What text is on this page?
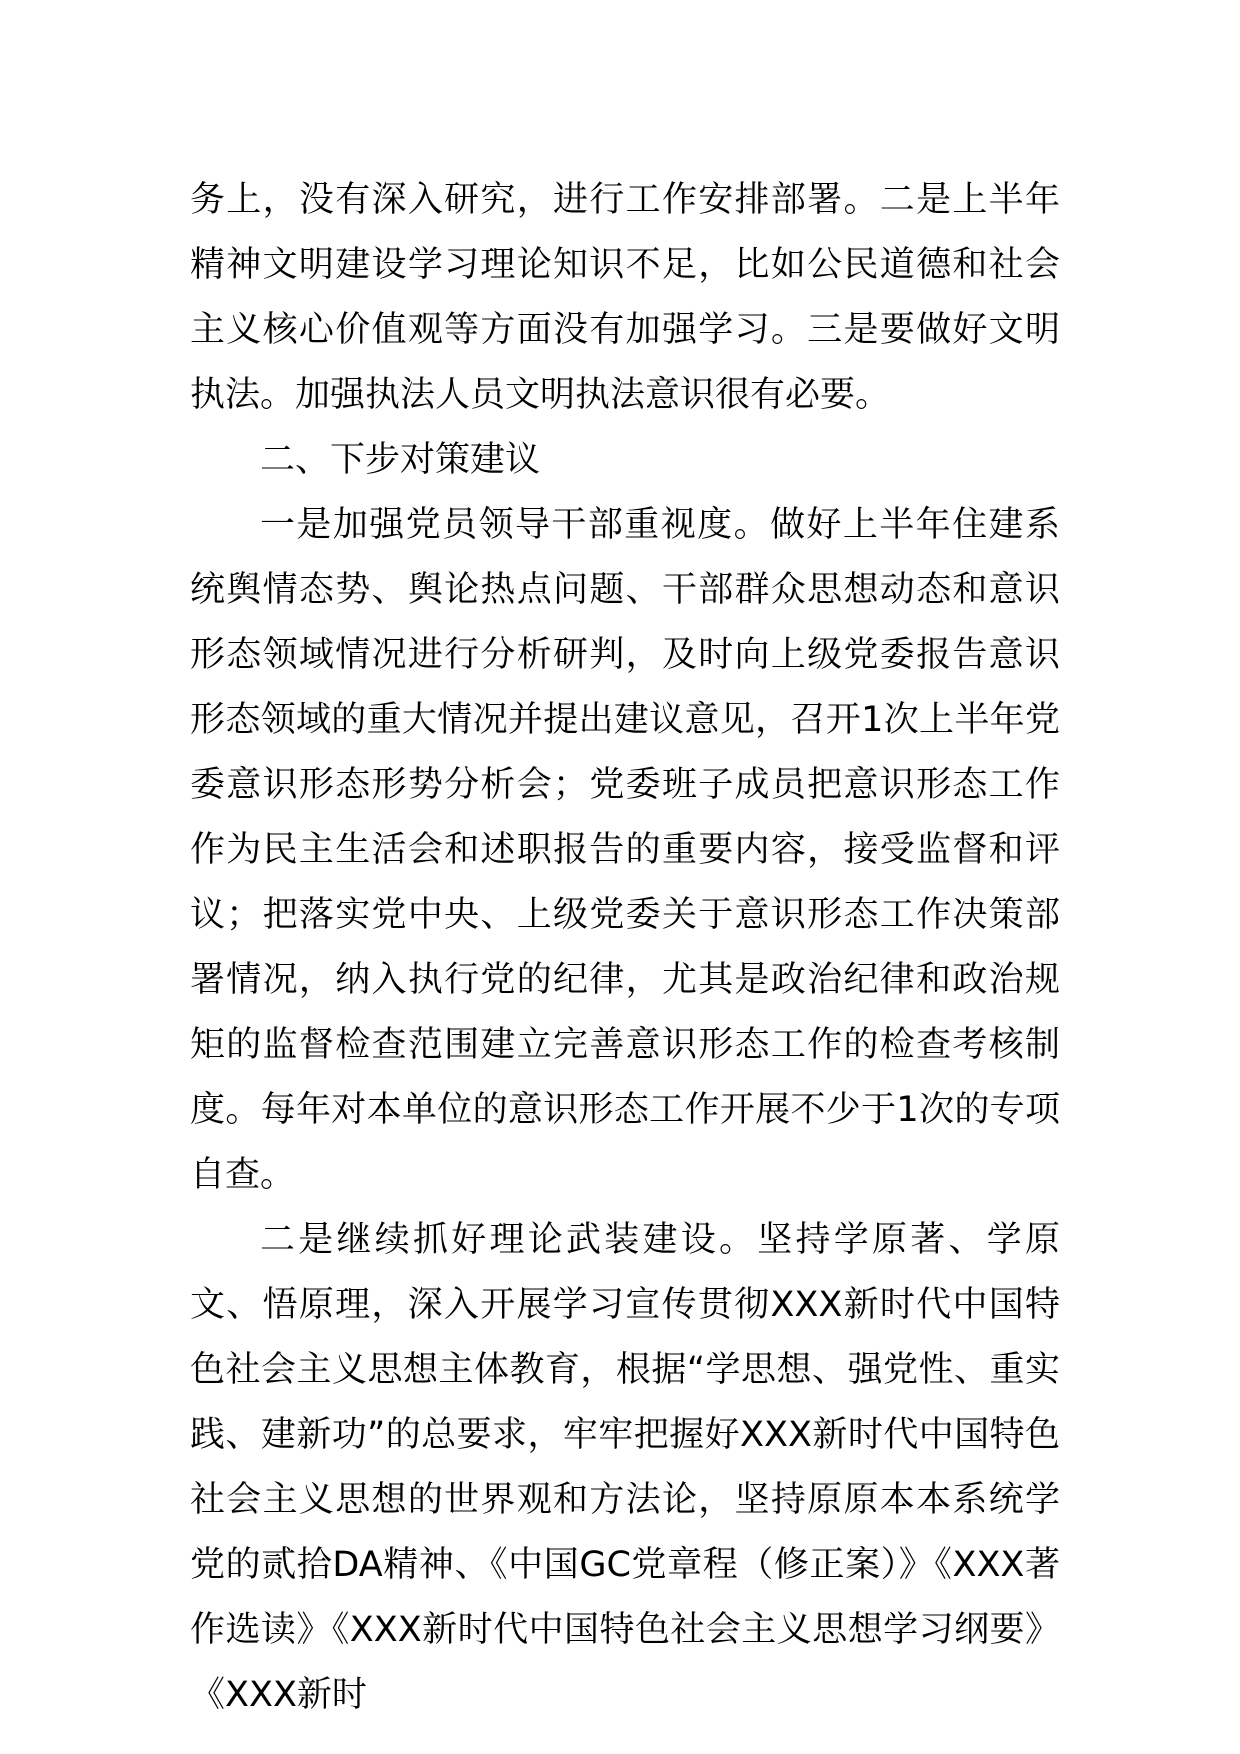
务上，没有深入研究，进行工作安排部署。二是上半年精神文明建设学习理论知识不足，比如公民道德和社会主义核心价值观等方面没有加强学习。三是要做好文明执法。加强执法人员文明执法意识很有必要。

二、下步对策建议

一是加强党员领导干部重视度。做好上半年住建系统舆情态势、舆论热点问题、干部群众思想动态和意识形态领域情况进行分析研判，及时向上级党委报告意识形态领域的重大情况并提出建议意见，召开1次上半年党委意识形态形势分析会；党委班子成员把意识形态工作作为民主生活会和述职报告的重要内容，接受监督和评议；把落实党中央、上级党委关于意识形态工作决策部署情况，纳入执行党的纪律，尤其是政治纪律和政治规矩的监督检查范围建立完善意识形态工作的检查考核制度。每年对本单位的意识形态工作开展不少于1次的专项自查。

二是继续抓好理论武装建设。坚持学原著、学原文、悟原理，深入开展学习宣传贯彻XXX新时代中国特色社会主义思想主体教育，根据“学思想、强党性、重实践、建新功”的总要求，牢牢把握好XXX新时代中国特色社会主义思想的世界观和方法论，坚持原原本本系统学党的贰拾DA精神、《中国GC党章程（修正案）》《XXX著作选读》《XXX新时代中国特色社会主义思想学习纲要》《XXX新时
